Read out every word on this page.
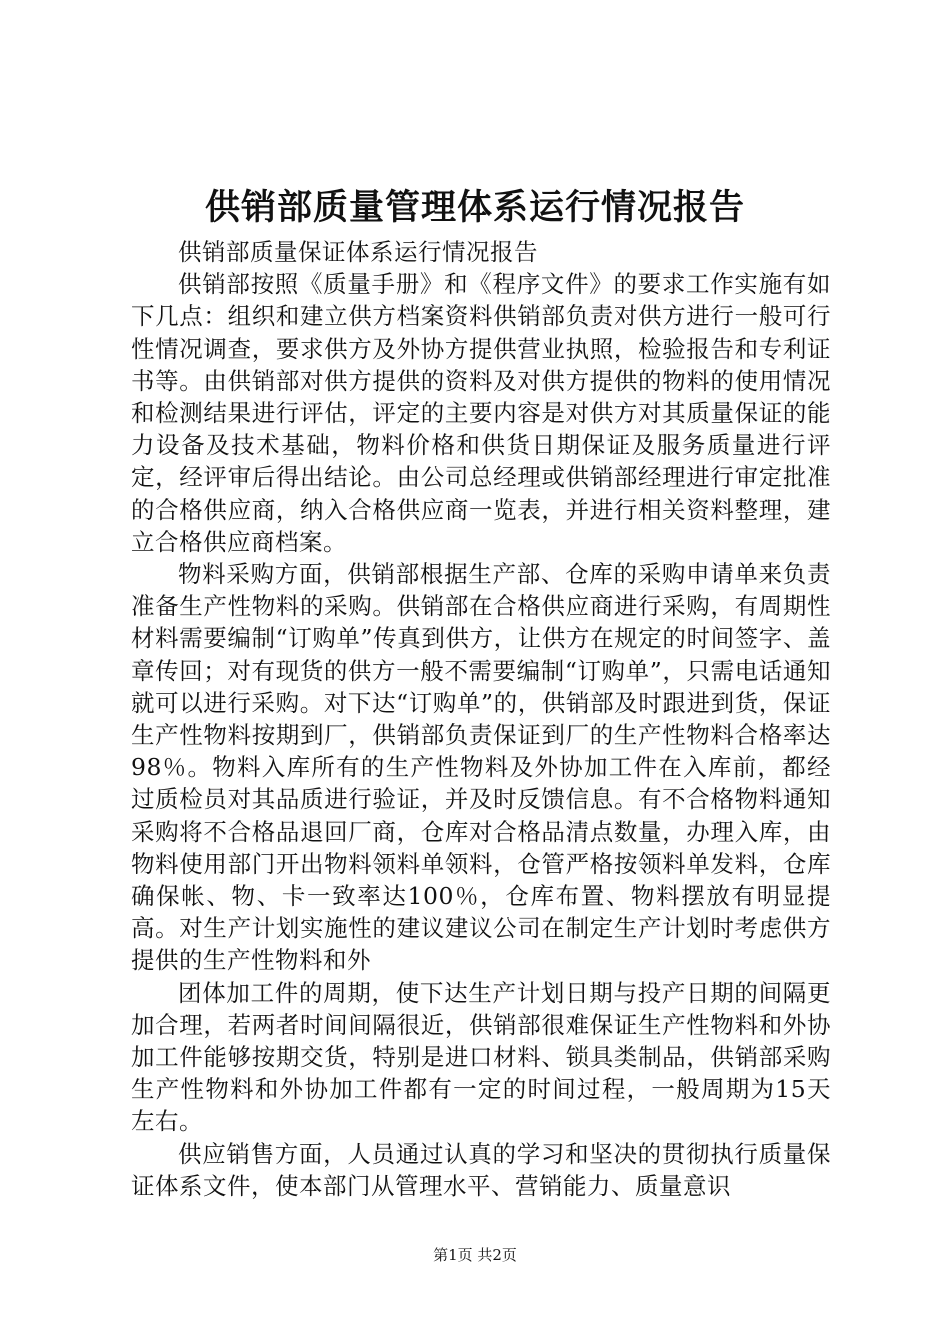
供销部质量管理体系运行情况报告

供销部质量保证体系运行情况报告

供销部按照《质量手册》和《程序文件》的要求工作实施有如下几点：组织和建立供方档案资料供销部负责对供方进行一般可行性情况调查，要求供方及外协方提供营业执照，检验报告和专利证书等。由供销部对供方提供的资料及对供方提供的物料的使用情况和检测结果进行评估，评定的主要内容是对供方对其质量保证的能力设备及技术基础，物料价格和供货日期保证及服务质量进行评定，经评审后得出结论。由公司总经理或供销部经理进行审定批准的合格供应商，纳入合格供应商一览表，并进行相关资料整理，建立合格供应商档案。

物料采购方面，供销部根据生产部、仓库的采购申请单来负责准备生产性物料的采购。供销部在合格供应商进行采购，有周期性材料需要编制“订购单”传真到供方，让供方在规定的时间签字、盖章传回；对有现货的供方一般不需要编制“订购单”，只需电话通知就可以进行采购。对下达“订购单”的，供销部及时跟进到货，保证生产性物料按期到厂，供销部负责保证到厂的生产性物料合格率达98％。物料入库所有的生产性物料及外协加工件在入库前，都经过质检员对其品质进行验证，并及时反馈信息。有不合格物料通知采购将不合格品退回厂商，仓库对合格品清点数量，办理入库，由物料使用部门开出物料领料单领料，仓管严格按领料单发料，仓库确保帐、物、卡一致率达100％，仓库布置、物料摆放有明显提高。对生产计划实施性的建议建议公司在制定生产计划时考虑供方提供的生产性物料和外

团体加工件的周期，使下达生产计划日期与投产日期的间隔更加合理，若两者时间间隔很近，供销部很难保证生产性物料和外协加工件能够按期交货，特别是进口材料、锁具类制品，供销部采购生产性物料和外协加工件都有一定的时间过程，一般周期为15天左右。

供应销售方面，人员通过认真的学习和坚决的贯彻执行质量保证体系文件，使本部门从管理水平、营销能力、质量意识

第1页 共2页
